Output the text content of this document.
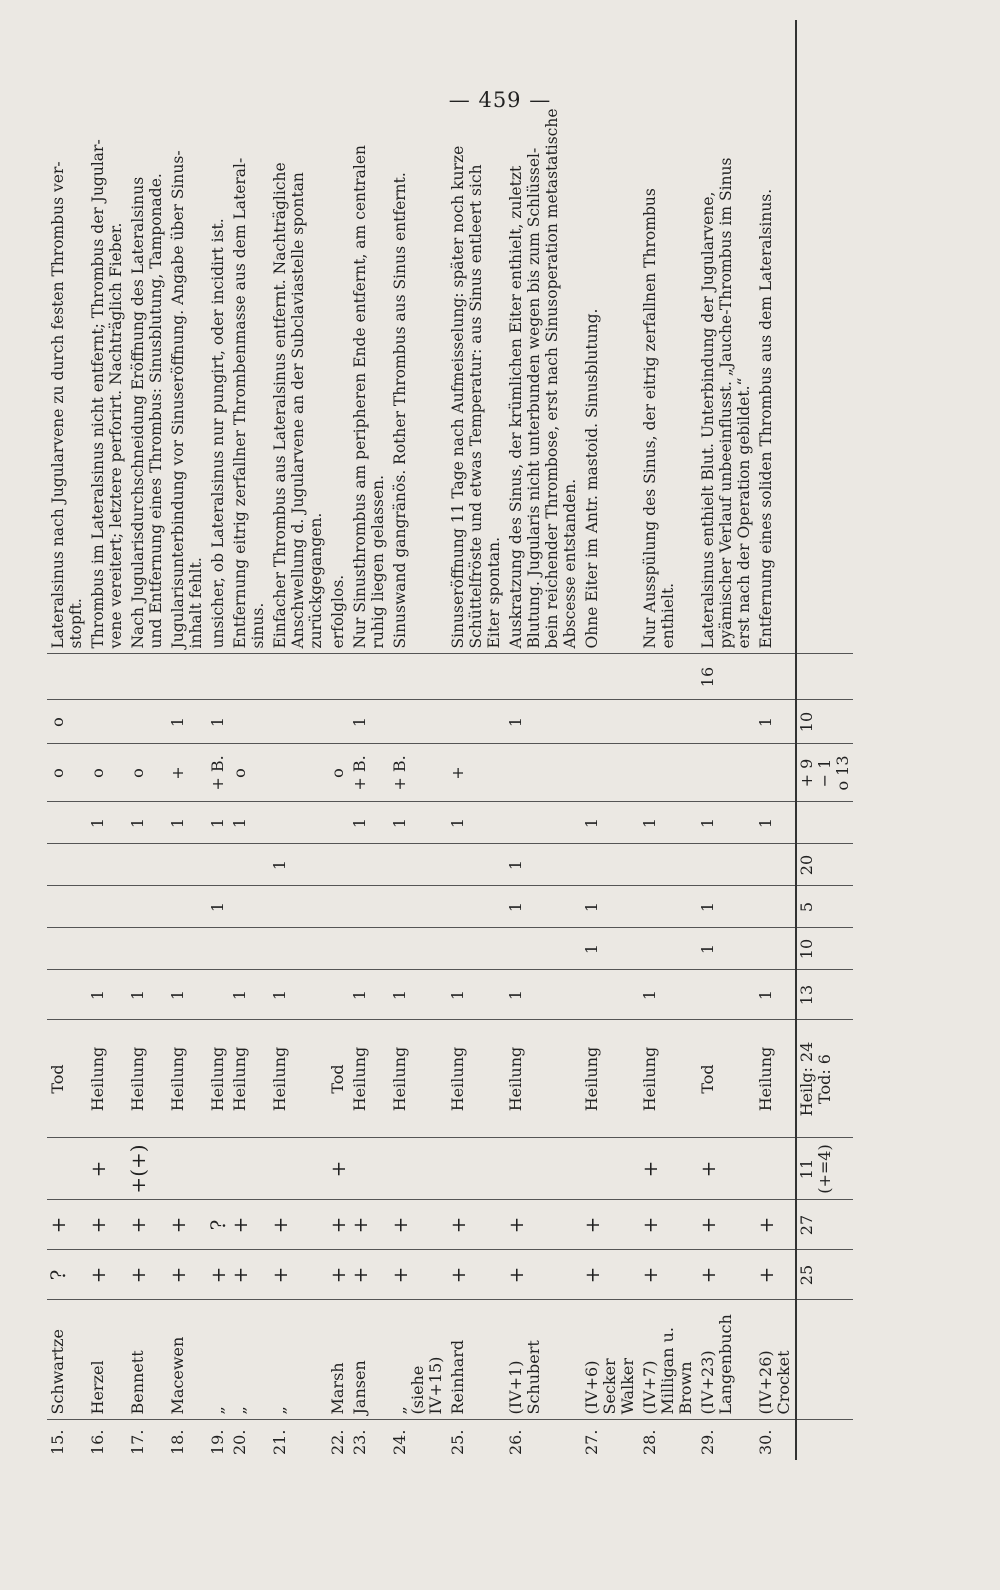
— 459 —
15.	Schwartze	?	+		Tod						o	o		Lateralsinus nach Jugularvene zu durch festen Thrombus ver- stopft.

16.	Herzel	+	+	+	Heilung	1				1	o			Thrombus im Lateralsinus nicht entfernt; Thrombus der Jugular- vene vereitert; letztere perforirt. Nachträglich Fieber.

17.	Bennett	+	+	+(+)	Heilung	1				1	o			Nach Jugularisdurchschneidung Eröffnung des Lateralsinus und Entfernung eines Thrombus: Sinusblutung, Tamponade.

18.	Macewen	+	+		Heilung	1				1	+	1		Jugularisunterbindung vor Sinuseröffnung. Angabe über Sinus- inhalt fehlt.

19.	„	+	?		Heilung			1		1	+ B.	1		unsicher, ob Lateralsinus nur pungirt, oder incidirt ist.

20.	„	+	+		Heilung	1				1	o			Entfernung eitrig zerfallner Thrombenmasse aus dem Lateral- sinus.

21.	„	+	+		Heilung	1			1					Einfacher Thrombus aus Lateralsinus entfernt. Nachträgliche Anschwellung d. Jugularvene an der Subclaviastelle spontan zurückgegangen.

22.	Marsh	+	+	+	Tod						o			erfolglos.

23.	Jansen	+	+		Heilung	1				1	+ B.	1		Nur Sinusthrombus am peripheren Ende entfernt, am centralen ruhig liegen gelassen.

24.	„ (siehe IV+15)	+	+		Heilung	1				1	+ B.			Sinuswand gangränös. Rother Thrombus aus Sinus entfernt.

25.	Reinhard	+	+		Heilung	1				1	+			Sinuseröffnung 11 Tage nach Aufmeisselung: später noch kurze Schüttelfröste und etwas Temperatur: aus Sinus entleert sich Eiter spontan.

26.	(IV+1) Schubert	+	+		Heilung	1		1	1			1		Auskratzung des Sinus, der krümlichen Eiter enthielt, zuletzt Blutung. Jugularis nicht unterbunden wegen bis zum Schlüssel- bein reichender Thrombose, erst nach Sinusoperation metastatische Abscesse entstanden.

27.	(IV+6) Secker Walker	+	+		Heilung		1	1		1				Ohne Eiter im Antr. mastoid. Sinusblutung.

28.	(IV+7) Milligan u. Brown	+	+	+	Heilung	1				1				Nur Ausspülung des Sinus, der eitrig zerfallnen Thrombus enthielt.

29.	(IV+23) Langenbuch	+	+	+	Tod		1	1		1			16	Lateralsinus enthielt Blut. Unterbindung der Jugularvene, pyämischer Verlauf unbeeinflusst. „Jauche-Thrombus im Sinus erst nach der Operation gebildet.“

30.	(IV+26) Crocket	+	+		Heilung	1				1		1		Entfernung eines soliden Thrombus aus dem Lateralsinus.

		25	27	11 (+=4)	Heilg: 24 Tod: 6	13	10	5	20		+ 9 − 1 o 13	10		
